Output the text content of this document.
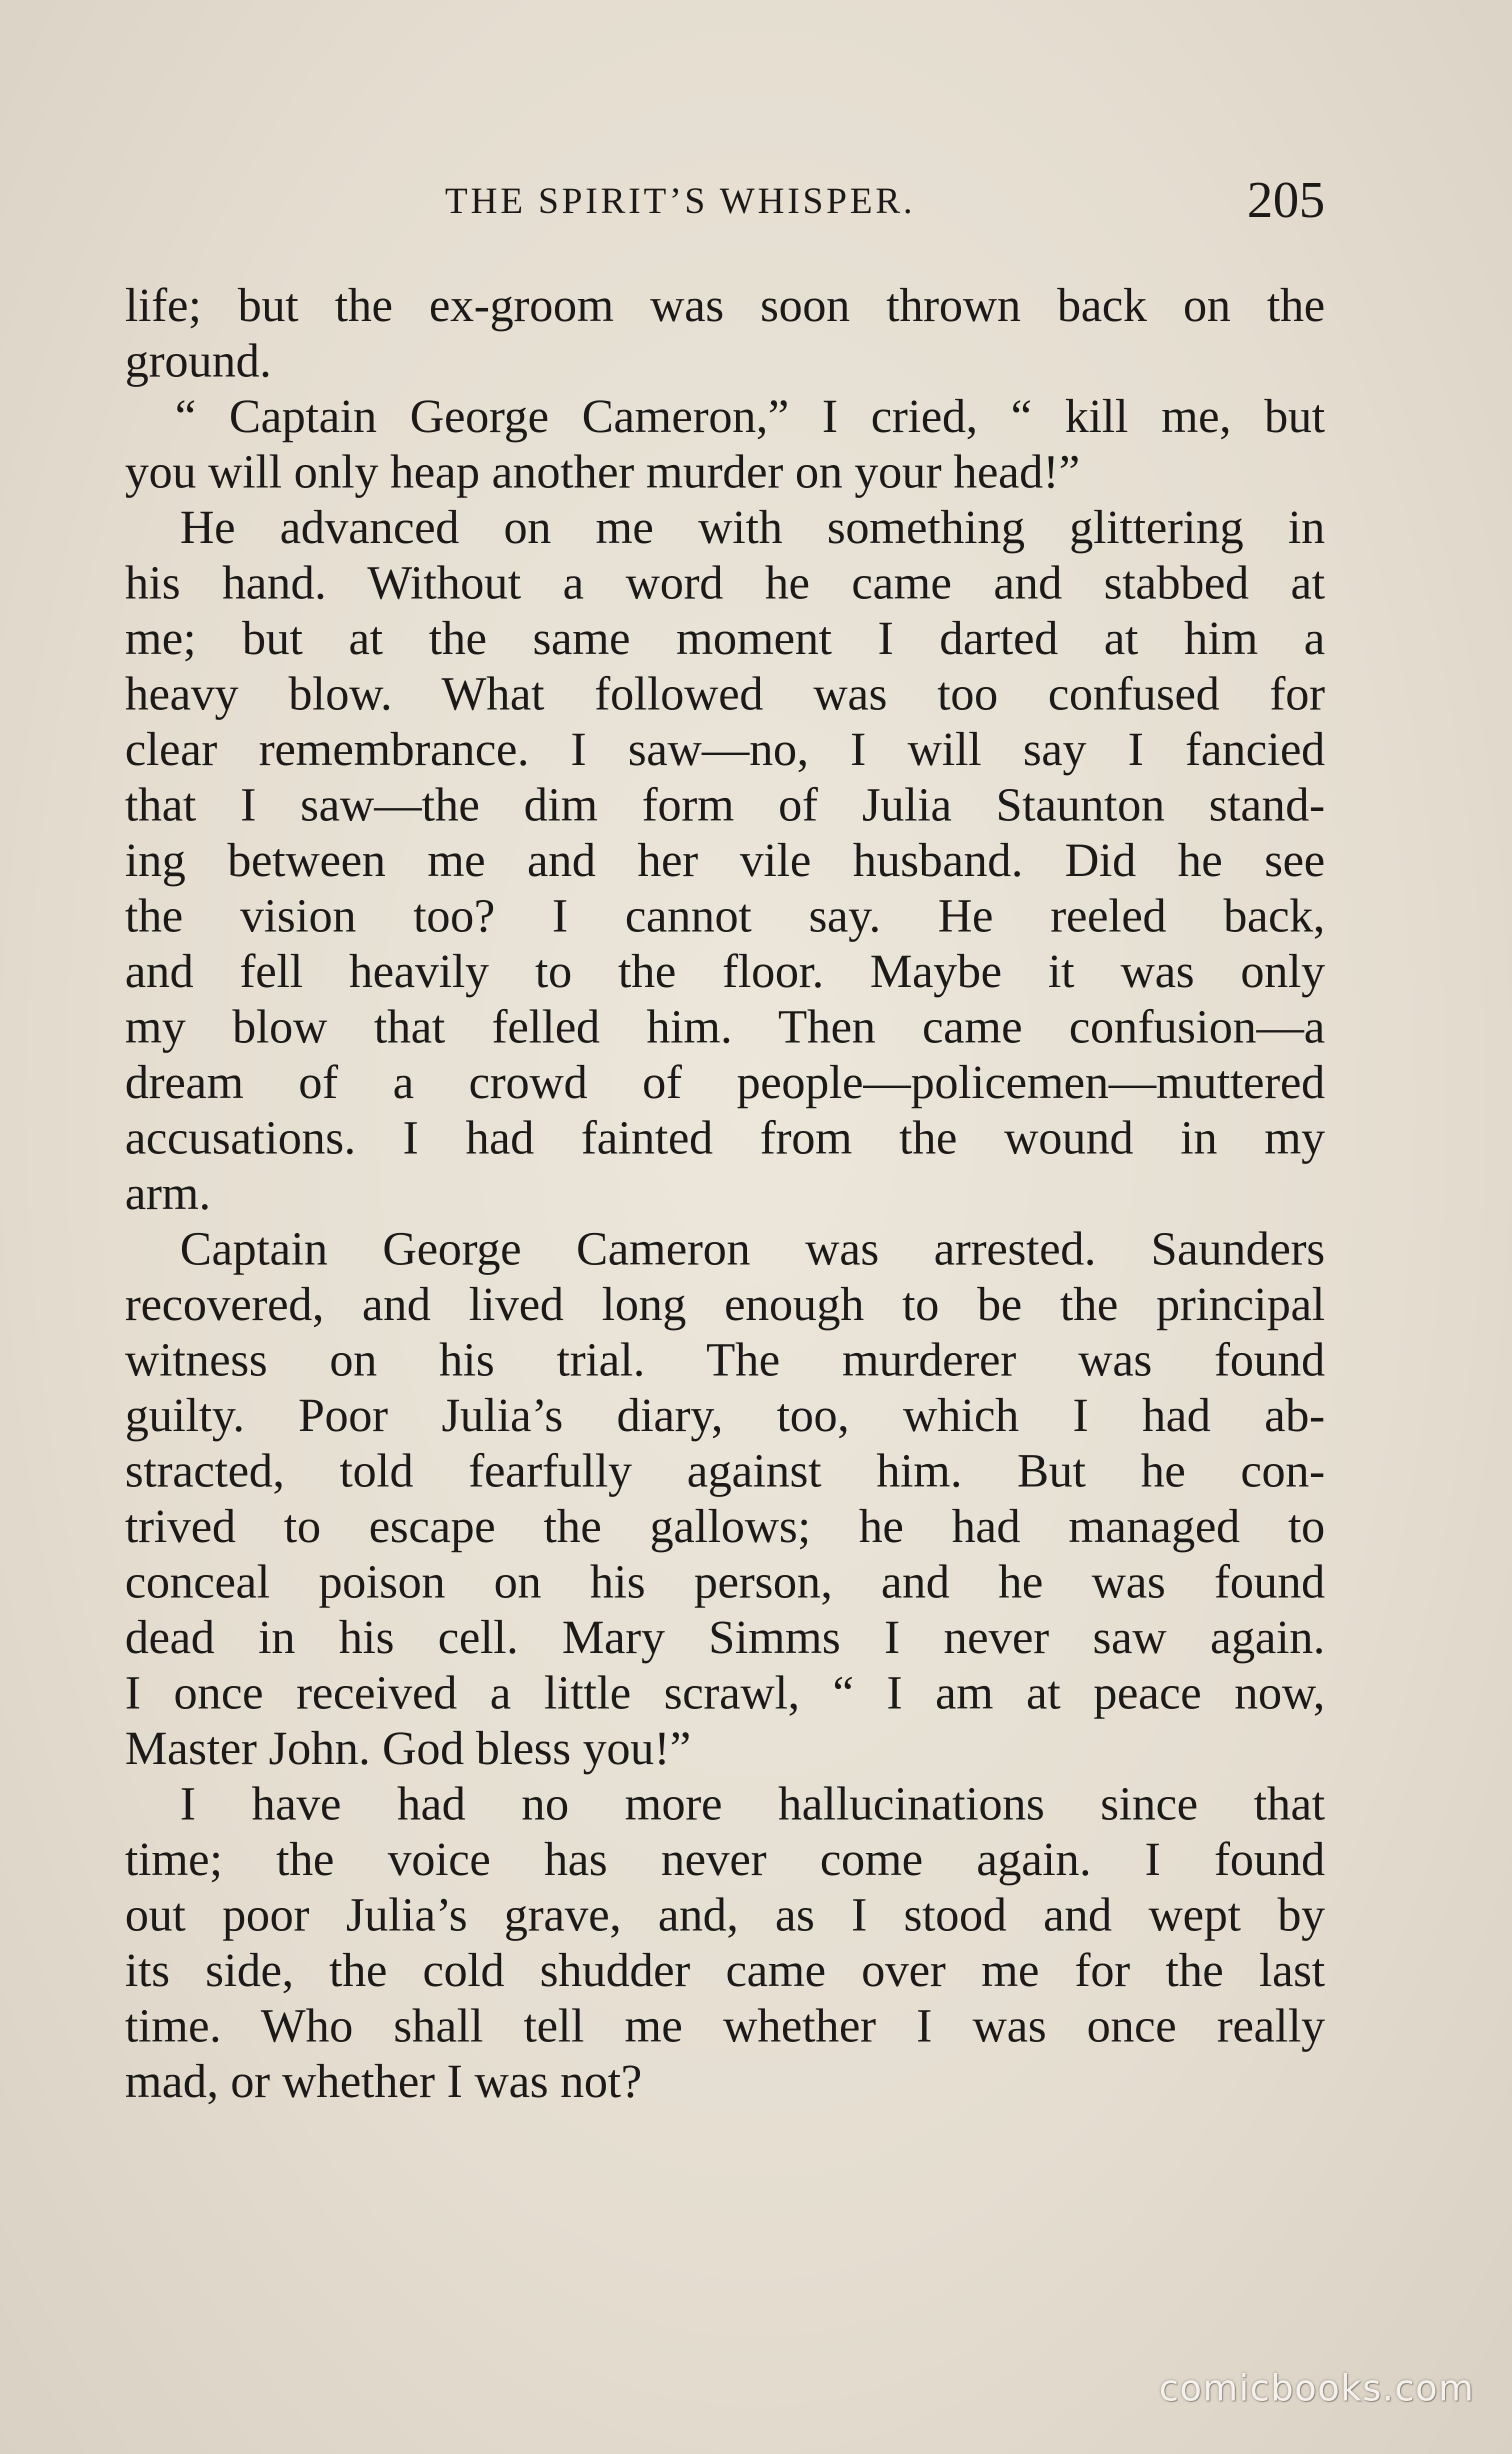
THE SPIRIT’S WHISPER.	205
life; but the ex-groom was soon thrown back on the
ground.
“ Captain George Cameron,” I cried, “ kill me, but
you will only heap another murder on your head!”
He advanced on me with something glittering in
his hand. Without a word he came and stabbed at
me; but at the same moment I darted at him a
heavy blow. What followed was too confused for
clear remembrance. I saw—no, I will say I fancied
that I saw—the dim form of Julia Staunton stand-
ing between me and her vile husband. Did he see
the vision too? I cannot say. He reeled back,
and fell heavily to the floor. Maybe it was only
my blow that felled him. Then came confusion—a
dream of a crowd of people—policemen—muttered
accusations. I had fainted from the wound in my
arm.
Captain George Cameron was arrested. Saunders
recovered, and lived long enough to be the principal
witness on his trial. The murderer was found
guilty. Poor Julia’s diary, too, which I had ab-
stracted, told fearfully against him. But he con-
trived to escape the gallows; he had managed to
conceal poison on his person, and he was found
dead in his cell. Mary Simms I never saw again.
I once received a little scrawl, “ I am at peace now,
Master John. God bless you!”
I have had no more hallucinations since that
time; the voice has never come again. I found
out poor Julia’s grave, and, as I stood and wept by
its side, the cold shudder came over me for the last
time. Who shall tell me whether I was once really
mad, or whether I was not?
comicbooks.com
